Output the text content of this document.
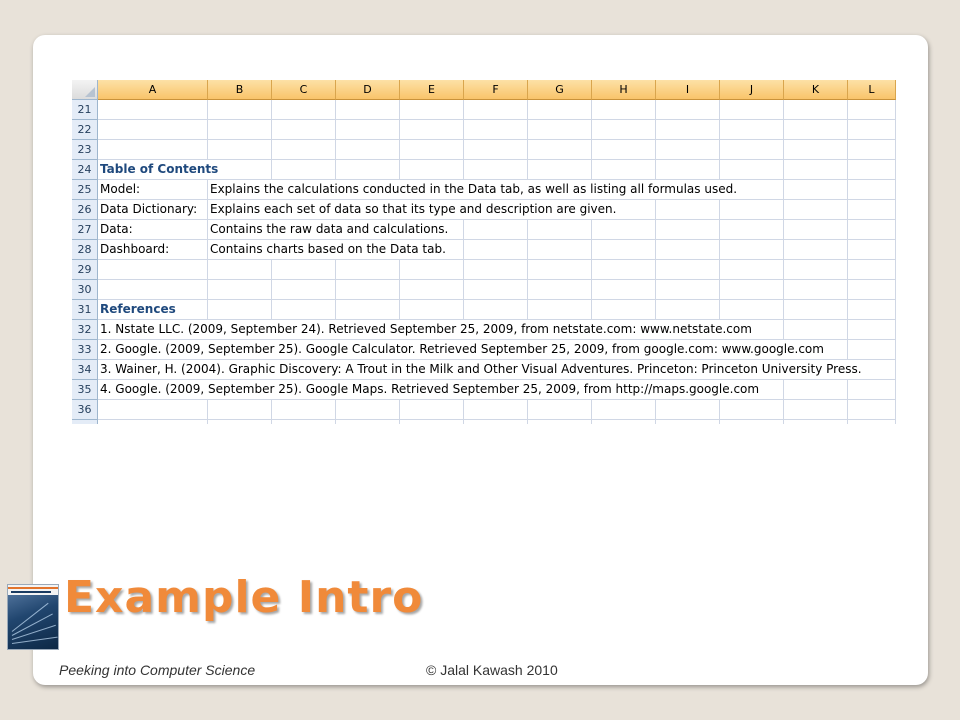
A	B	C	D	E	F	G	H	I	J	K	L
21
22
23
24 Table of Contents
25 Model:	Explains the calculations conducted in the Data tab, as well as listing all formulas used.
26 Data Dictionary: Explains each set of data so that its type and description are given.
27 Data:	Contains the raw data and calculations.
28 Dashboard:	Contains charts based on the Data tab.
29
30
31 References
32 1. Nstate LLC. (2009, September 24). Retrieved September 25, 2009, from netstate.com: www.netstate.com
33 2. Google. (2009, September 25). Google Calculator. Retrieved September 25, 2009, from google.com: www.google.com
34 3. Wainer, H. (2004). Graphic Discovery: A Trout in the Milk and Other Visual Adventures. Princeton: Princeton University Press.
35 4. Google. (2009, September 25). Google Maps. Retrieved September 25, 2009, from http://maps.google.com
36
Example Intro
Peeking into Computer Science	© Jalal Kawash 2010
